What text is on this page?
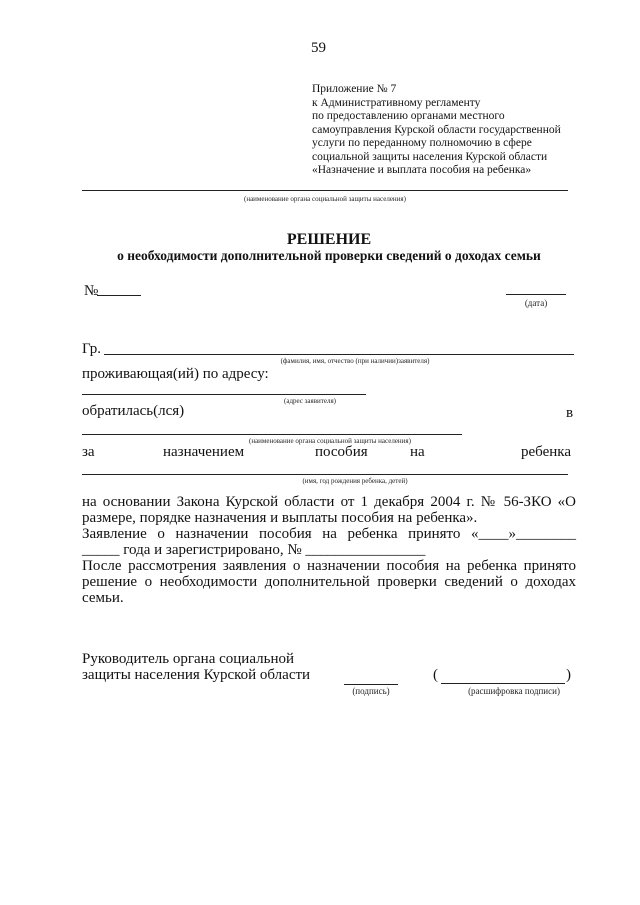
59
Приложение № 7
к Административному регламенту
по предоставлению органами местного
самоуправления Курской области государственной
услуги по переданному полномочию в сфере
социальной защиты населения Курской области
«Назначение и выплата пособия на ребенка»
(наименование органа социальной защиты населения)
РЕШЕНИЕ
о необходимости дополнительной проверки сведений о доходах семьи
№
(дата)
Гр.
(фамилия, имя, отчество (при наличии)заявителя)
проживающая(ий) по адресу:
(адрес заявителя)
обратилась(лся)	в
(наименование органа социальной защиты населения)
за	назначением	пособия	на	ребенка
(имя, год рождения ребенка, детей)
на основании Закона Курской области от 1 декабря 2004 г. № 56-ЗКО «О
размере, порядке назначения и выплаты пособия на ребенка».
Заявление о назначении пособия на ребенка принято «____»________
_____ года и зарегистрировано, № ________________
После рассмотрения заявления о назначении пособия на ребенка принято
решение о необходимости дополнительной проверки сведений о доходах
семьи.
Руководитель органа социальной
защиты населения Курской области
(подпись)
(	)
(расшифровка подписи)
